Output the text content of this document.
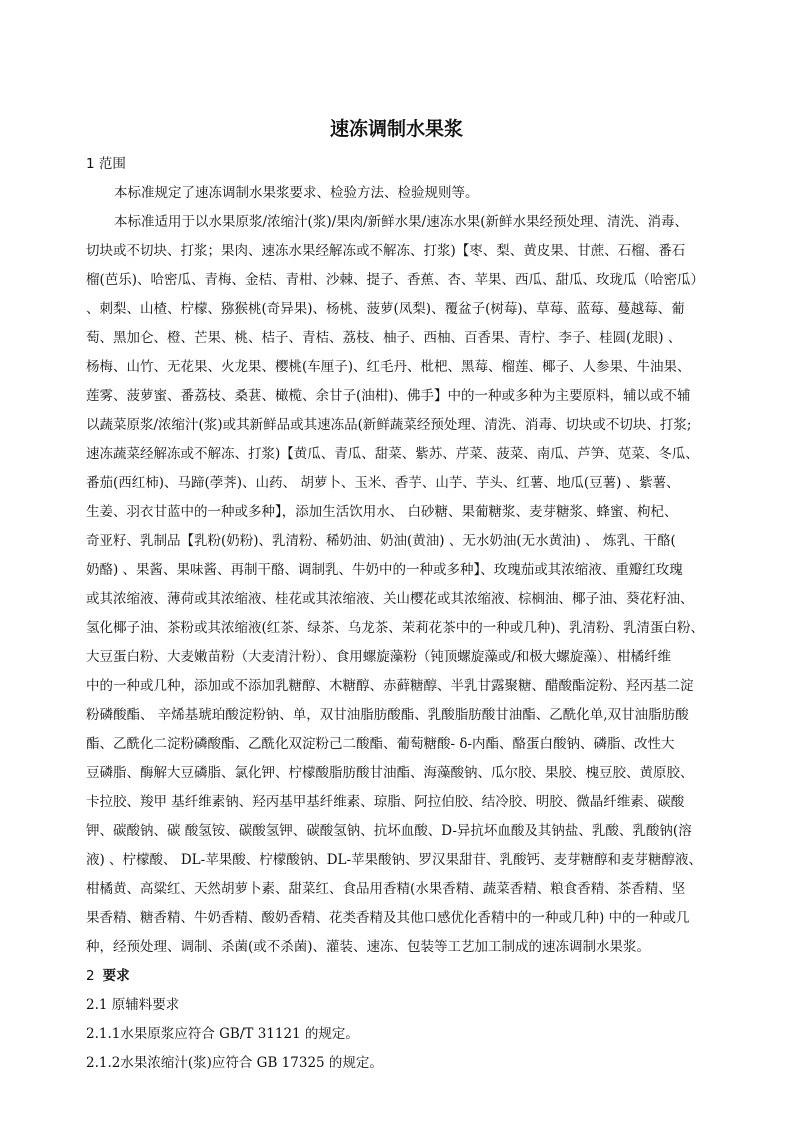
速冻调制水果浆
1 范围
本标准规定了速冻调制水果浆要求、检验方法、检验规则等。
本标准适用于以水果原浆/浓缩汁(浆)/果肉/新鲜水果/速冻水果(新鲜水果经预处理、清洗、消毒、
切块或不切块、打浆；果肉、速冻水果经解冻或不解冻、打浆)【枣、梨、黄皮果、甘蔗、石榴、番石
榴(芭乐)、哈密瓜、青梅、金桔、青柑、沙棘、提子、香蕉、杏、苹果、西瓜、甜瓜、玫珑瓜（哈密瓜）
、刺梨、山楂、柠檬、猕猴桃(奇异果)、杨桃、菠萝(凤梨)、覆盆子(树莓)、草莓、蓝莓、蔓越莓、葡
萄、黑加仑、橙、芒果、桃、桔子、青桔、荔枝、柚子、西柚、百香果、青柠、李子、桂圆(龙眼) 、
杨梅、山竹、无花果、火龙果、樱桃(车厘子)、红毛丹、枇杷、黑莓、榴莲、椰子、人参果、牛油果、
莲雾、菠萝蜜、番荔枝、桑葚、橄榄、余甘子(油柑)、佛手】中的一种或多种为主要原料，辅以或不辅
以蔬菜原浆/浓缩汁(浆)或其新鲜品或其速冻品(新鲜蔬菜经预处理、清洗、消毒、切块或不切块、打浆;
速冻蔬菜经解冻或不解冻、打浆)【黄瓜、青瓜、甜菜、紫苏、芹菜、菠菜、南瓜、芦笋、苋菜、冬瓜、
番茄(西红柿)、马蹄(荸荠)、山药、 胡萝卜、玉米、香芋、山芋、芋头、红薯、地瓜(豆薯) 、紫薯、
生姜、羽衣甘蓝中的一种或多种】，添加生活饮用水、 白砂糖、果葡糖浆、麦芽糖浆、蜂蜜、枸杞、
奇亚籽、乳制品【乳粉(奶粉)、乳清粉、稀奶油、奶油(黄油) 、无水奶油(无水黄油) 、 炼乳、干酪(
奶酪) 、果酱、果味酱、再制干酪、调制乳、牛奶中的一种或多种】、玫瑰茄或其浓缩液、重瓣红玫瑰
或其浓缩液、薄荷或其浓缩液、桂花或其浓缩液、关山樱花或其浓缩液、棕榈油、椰子油、葵花籽油、
氢化椰子油、茶粉或其浓缩液(红茶、绿茶、乌龙茶、茉莉花茶中的一种或几种)、乳清粉、乳清蛋白粉、
大豆蛋白粉、大麦嫩苗粉（大麦清汁粉）、食用螺旋藻粉（钝顶螺旋藻或/和极大螺旋藻）、柑橘纤维
中的一种或几种，添加或不添加乳糖醇、木糖醇、赤藓糖醇、半乳甘露聚糖、醋酸酯淀粉、羟丙基二淀
粉磷酸酯、 辛烯基琥珀酸淀粉钠、单，双甘油脂肪酸酯、乳酸脂肪酸甘油酯、乙酰化单,双甘油脂肪酸
酯、乙酰化二淀粉磷酸酯、乙酰化双淀粉己二酸酯、葡萄糖酸- δ-内酯、酪蛋白酸钠、磷脂、改性大
豆磷脂、酶解大豆磷脂、氯化钾、柠檬酸脂肪酸甘油酯、海藻酸钠、瓜尔胶、果胶、槐豆胶、黄原胶、
卡拉胶、羧甲 基纤维素钠、羟丙基甲基纤维素、琼脂、阿拉伯胶、结冷胶、明胶、微晶纤维素、碳酸
钾、碳酸钠、碳 酸氢铵、碳酸氢钾、碳酸氢钠、抗坏血酸、D-异抗坏血酸及其钠盐、乳酸、乳酸钠(溶
液) 、柠檬酸、 DL-苹果酸、柠檬酸钠、DL-苹果酸钠、罗汉果甜苷、乳酸钙、麦芽糖醇和麦芽糖醇液、
柑橘黄、高粱红、天然胡萝卜素、甜菜红、食品用香精(水果香精、蔬菜香精、粮食香精、茶香精、坚
果香精、糖香精、牛奶香精、酸奶香精、花类香精及其他口感优化香精中的一种或几种) 中的一种或几
种，经预处理、调制、杀菌(或不杀菌)、灌装、速冻、包装等工艺加工制成的速冻调制水果浆。
2 要求
2.1 原辅料要求
2.1.1水果原浆应符合 GB/T 31121 的规定。
2.1.2水果浓缩汁(浆)应符合 GB 17325 的规定。
